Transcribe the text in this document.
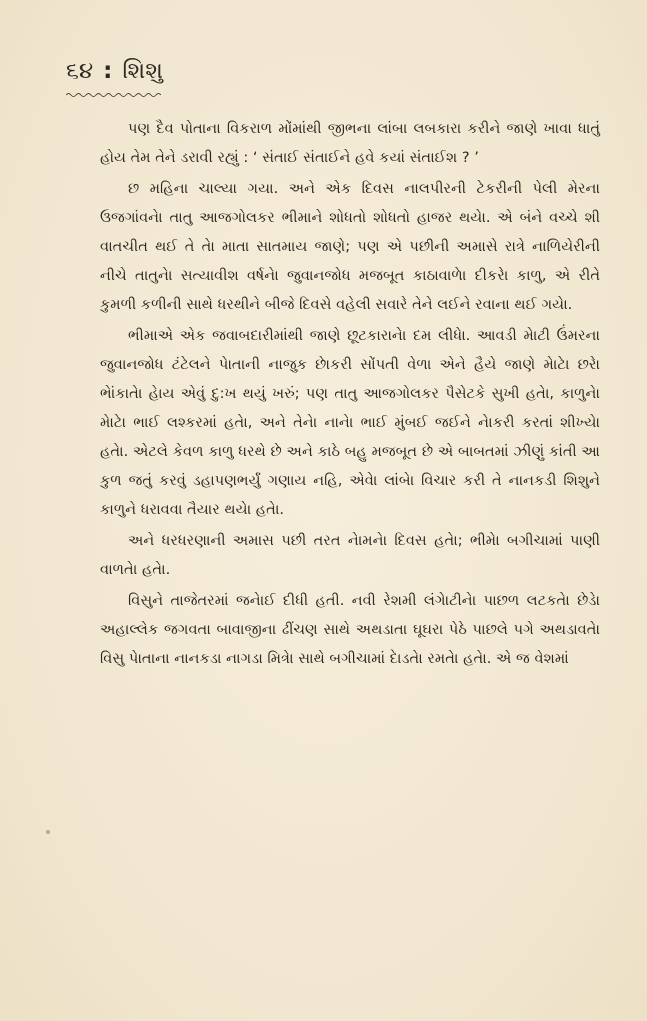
૬૪ : શિશુ

પણ દૈવ પોતાના વિકરાળ મોંમાંથી જીભના લાંબા લબકારા કરીને જાણે ખાવા ધાતું હોય તેમ તેને ડરાવી રહ્યું : ‘ સંતાઈ સંતાઈને હવે કયાં સંતાઈશ ? ’

છ મહિના ચાલ્યા ગયા. અને એક દિવસ નાલપીરની ટેકરીની પેલી મેરના ઉજગાંવનેા તાતુ આજગોલકર ભીમાને શોધતો શોધતો હાજર થયેા. એ બંને વચ્ચે શી વાતચીત થઈ તે તેા માતા સાતમાય જાણે; પણ એ પછીની અમાસે રાત્રે નાળિયેરીની નીચે તાતુનેા સત્યાવીશ વર્ષનેા જુવાનજોધ મજબૂત કાઠાવાળેા દીકરેા કાળુ, એ રીતે કુમળી કળીની સાથે ધરથીને બીજે દિવસે વહેલી સવારે તેને લઈને રવાના થઈ ગયેા.

ભીમાએ એક જવાબદારીમાંથી જાણે છૂટકારાનેા દમ લીધેા. આવડી મેાટી ઉંમરના જુવાનજોધ ટંટેલને પેાતાની નાજુક છેાકરી સોંપતી વેળા એને હૈયે જાણે મેાટેા છરેા ભેાંકાતેા હેાય એવું દુ:ખ થયું ખરું; પણ તાતુ આજગોલકર પૈસેટકે સુખી હતેા, કાળુનેા મેાટેા ભાઈ લશ્કરમાં હતેા, અને તેનેા નાનેા ભાઈ મુંબઈ જઈને નેાકરી કરતાં શીખ્યેા હતેા. એટલે કેવળ કાળુ ધરથે છે અને કાઠે બહુ મજબૂત છે એ બાબતમાં ઝીણું કાંતી આ કુળ જતું કરવું ડહાપણભર્યું ગણાય નહિ, એવેા લાંબેા વિચાર કરી તે નાનકડી શિશુને કાળુને ધરાવવા તૈયાર થયેા હતેા.

અને ધરધરણાની અમાસ પછી તરત નેામનેા દિવસ હતેા; ભીમેા બગીચામાં પાણી વાળતેા હતેા.

વિસુને તાજેતરમાં જનેાઈ દીધી હતી. નવી રેશમી લંગેાટીનેા પાછળ લટકતેા છેડેા અહાલ્લેક જગવતા બાવાજીના ઢીંચણ સાથે અથડાતા ઘૂઘરા પેઠે પાછલે પગે અથડાવતેા વિસુ પેાતાના નાનકડા નાગડા મિત્રેા સાથે બગીચામાં દેાડતેા રમતેા હતેા. એ જ વેશમાં
